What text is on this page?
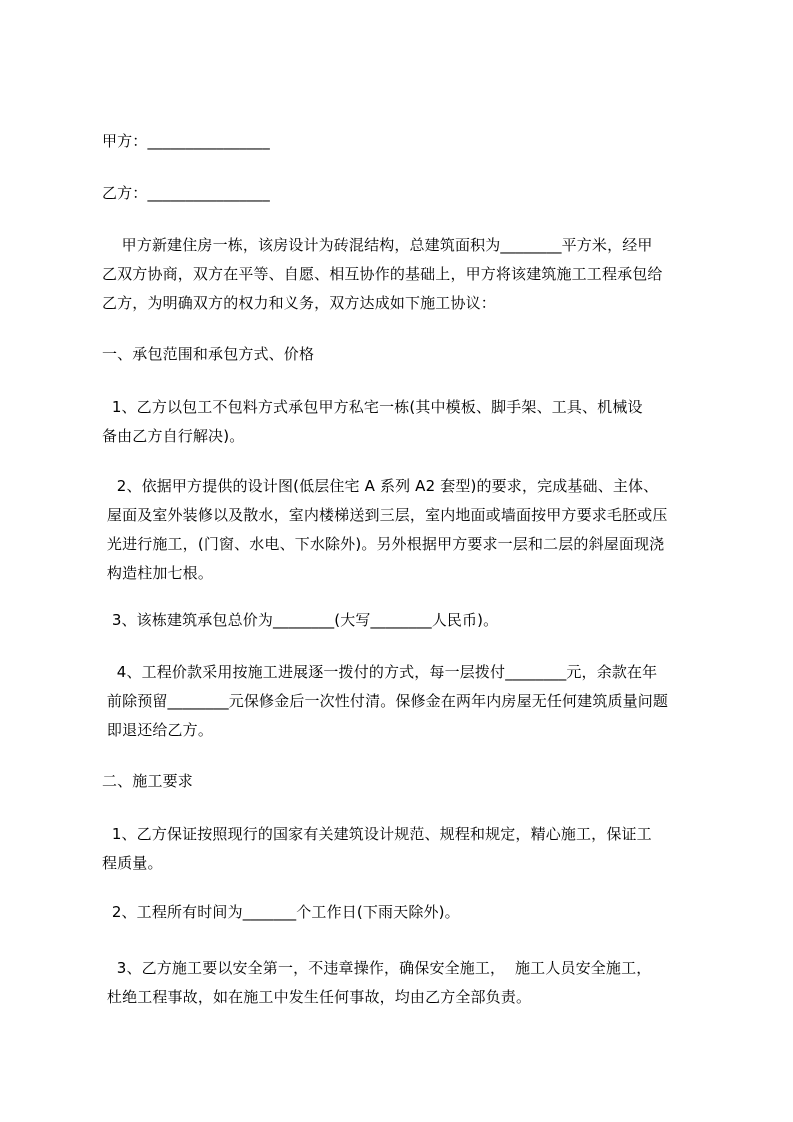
甲方：________________
乙方：________________
甲方新建住房一栋，该房设计为砖混结构，总建筑面积为________平方米，经甲
乙双方协商，双方在平等、自愿、相互协作的基础上，甲方将该建筑施工工程承包给
乙方，为明确双方的权力和义务，双方达成如下施工协议：
一、承包范围和承包方式、价格
1、乙方以包工不包料方式承包甲方私宅一栋(其中模板、脚手架、工具、机械设
备由乙方自行解决)。
2、依据甲方提供的设计图(低层住宅 A 系列 A2 套型)的要求，完成基础、主体、
屋面及室外装修以及散水，室内楼梯送到三层，室内地面或墙面按甲方要求毛胚或压
光进行施工，(门窗、水电、下水除外)。另外根据甲方要求一层和二层的斜屋面现浇
构造柱加七根。
3、该栋建筑承包总价为________(大写________人民币)。
4、工程价款采用按施工进展逐一拨付的方式，每一层拨付________元，余款在年
前除预留________元保修金后一次性付清。保修金在两年内房屋无任何建筑质量问题
即退还给乙方。
二、施工要求
1、乙方保证按照现行的国家有关建筑设计规范、规程和规定，精心施工，保证工
程质量。
2、工程所有时间为_______个工作日(下雨天除外)。
3、乙方施工要以安全第一，不违章操作，确保安全施工，  施工人员安全施工，
杜绝工程事故，如在施工中发生任何事故，均由乙方全部负责。
